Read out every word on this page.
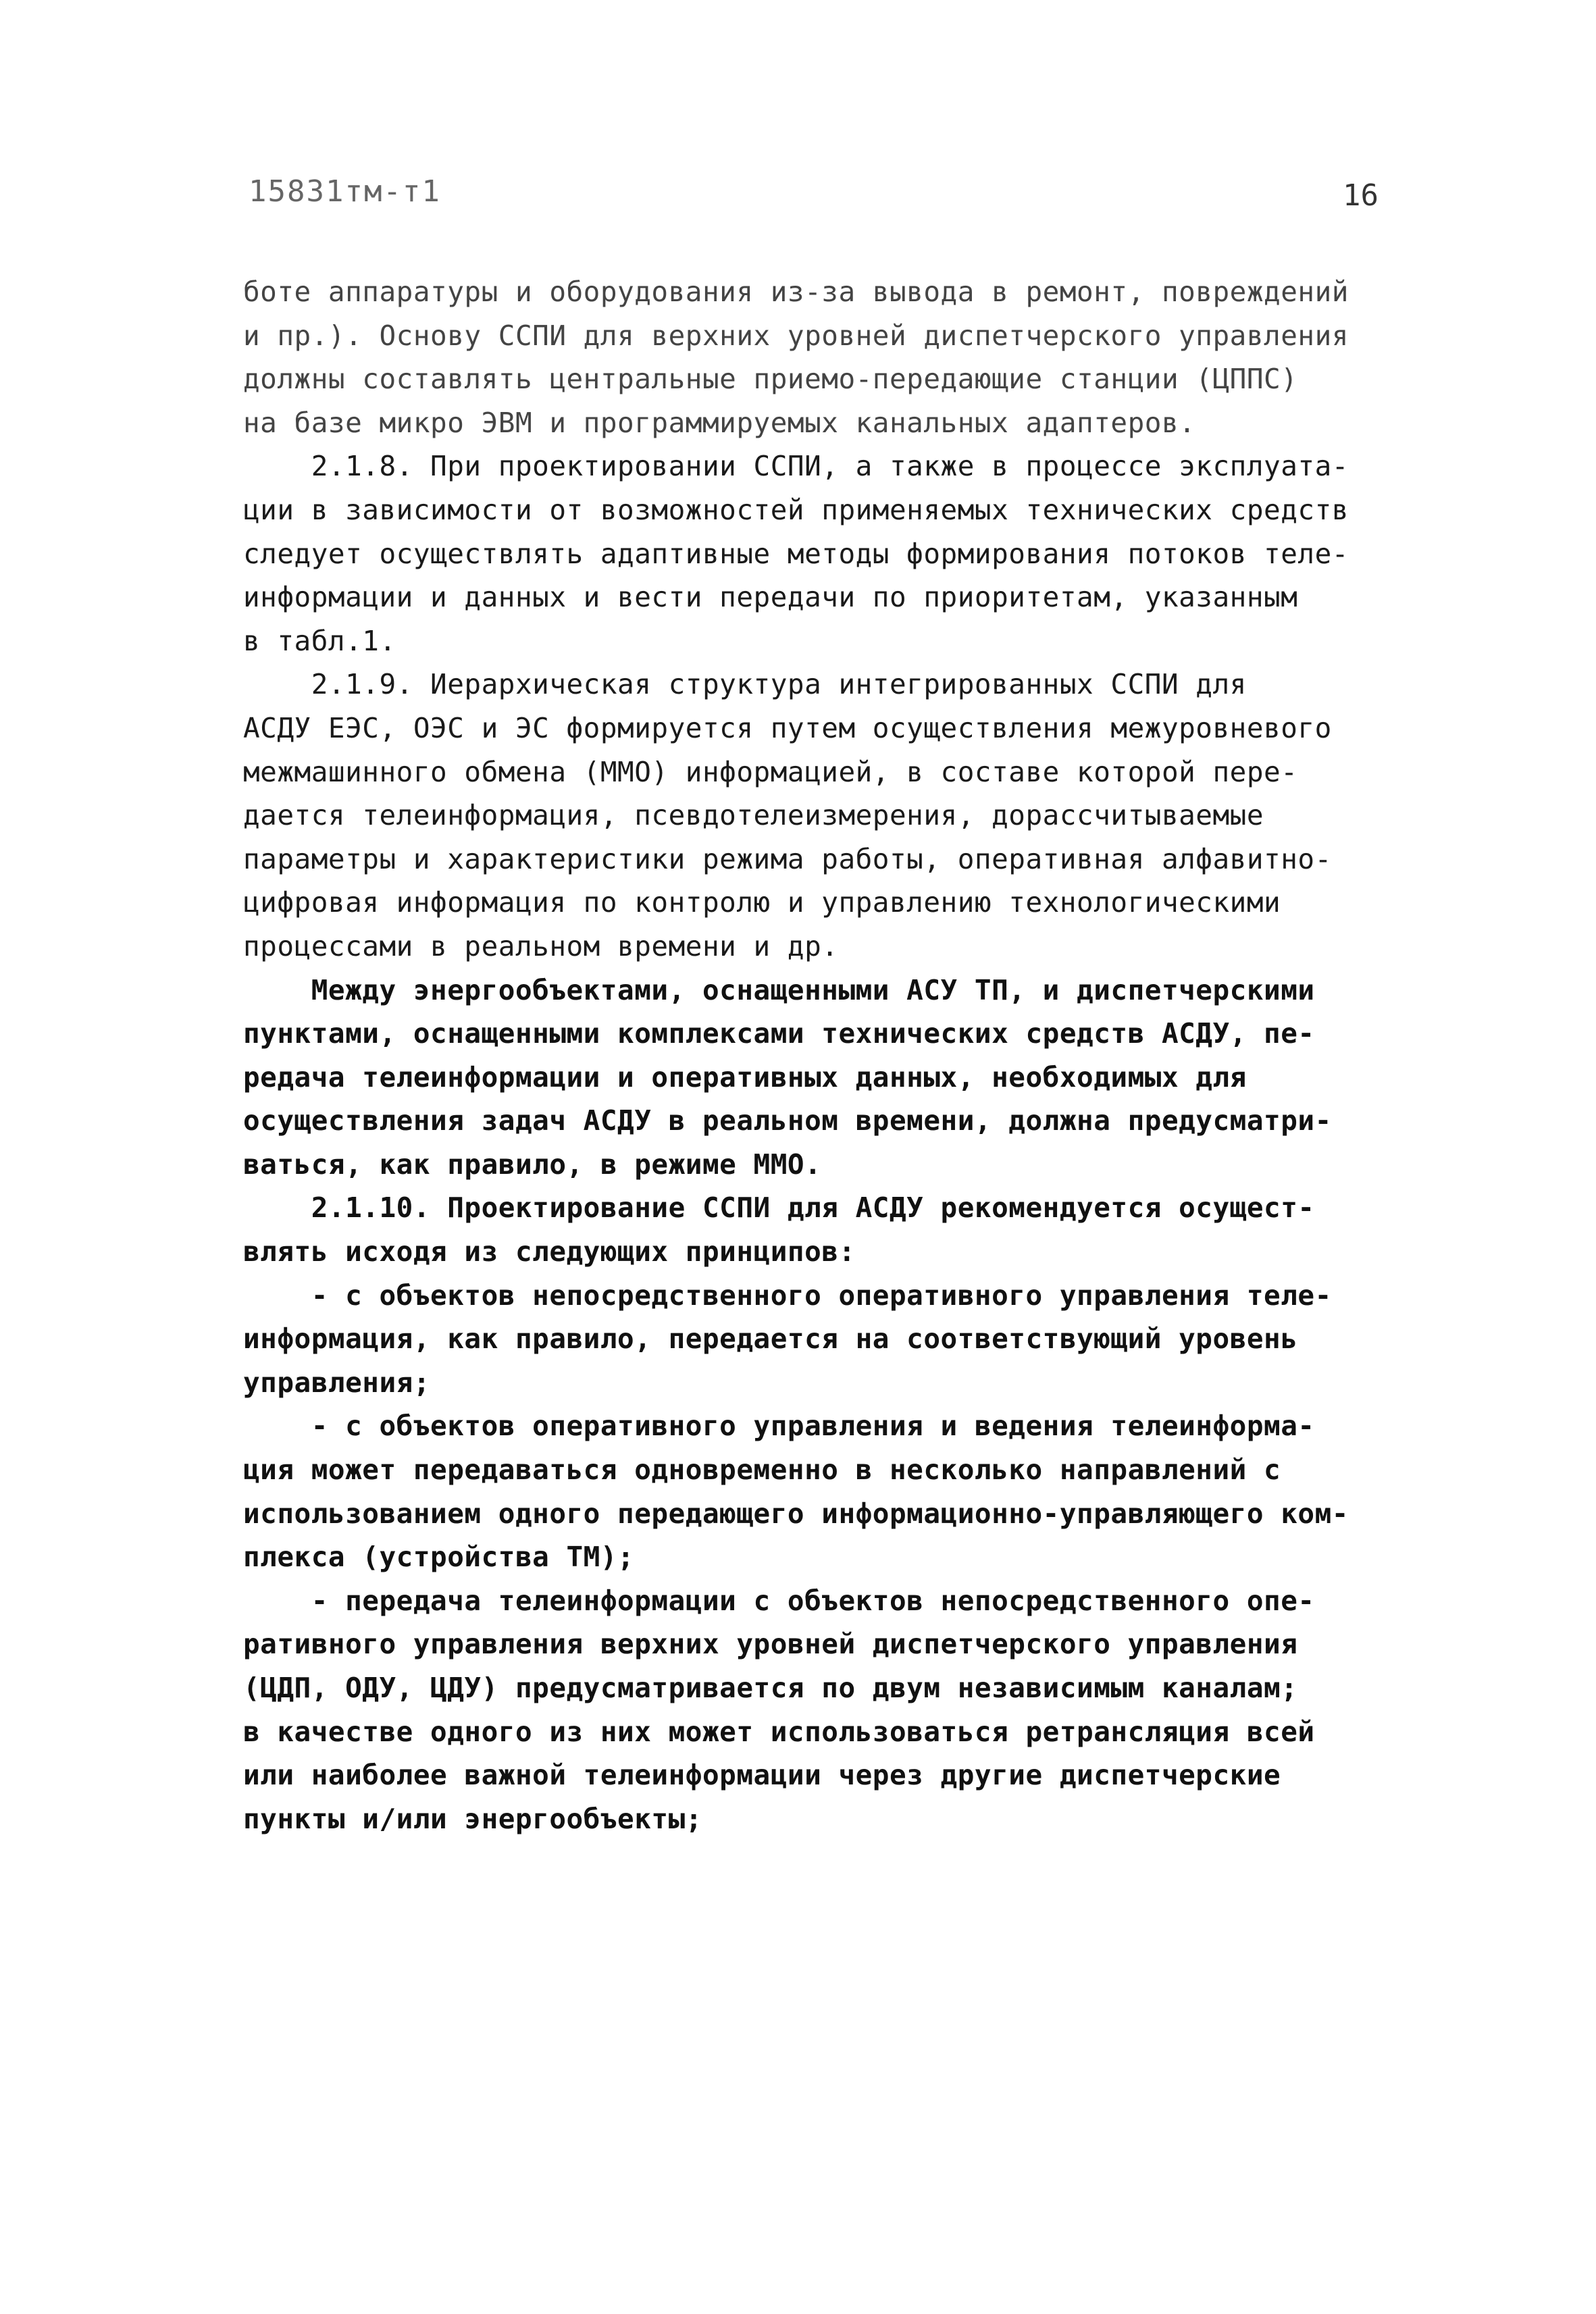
15831тм-т1	16
боте аппаратуры и оборудования из-за вывода в ремонт, повреждений
и пр.). Основу ССПИ для верхних уровней диспетчерского управления
должны составлять центральные приемо-передающие станции (ЦППС)
на базе микро ЭВМ и программируемых канальных адаптеров.
2.1.8. При проектировании ССПИ, а также в процессе эксплуата-
ции в зависимости от возможностей применяемых технических средств
следует осуществлять адаптивные методы формирования потоков теле-
информации и данных и вести передачи по приоритетам, указанным
в табл.1.
2.1.9. Иерархическая структура интегрированных ССПИ для
АСДУ ЕЭС, ОЭС и ЭС формируется путем осуществления межуровневого
межмашинного обмена (ММО) информацией, в составе которой пере-
дается телеинформация, псевдотелеизмерения, дорассчитываемые
параметры и характеристики режима работы, оперативная алфавитно-
цифровая информация по контролю и управлению технологическими
процессами в реальном времени и др.
Между энергообъектами, оснащенными АСУ ТП, и диспетчерскими
пунктами, оснащенными комплексами технических средств АСДУ, пе-
редача телеинформации и оперативных данных, необходимых для
осуществления задач АСДУ в реальном времени, должна предусматри-
ваться, как правило, в режиме ММО.
2.1.10. Проектирование ССПИ для АСДУ рекомендуется осущест-
влять исходя из следующих принципов:
- с объектов непосредственного оперативного управления теле-
информация, как правило, передается на соответствующий уровень
управления;
- с объектов оперативного управления и ведения телеинформа-
ция может передаваться одновременно в несколько направлений с
использованием одного передающего информационно-управляющего ком-
плекса (устройства ТМ);
- передача телеинформации с объектов непосредственного опе-
ративного управления верхних уровней диспетчерского управления
(ЦДП, ОДУ, ЦДУ) предусматривается по двум независимым каналам;
в качестве одного из них может использоваться ретрансляция всей
или наиболее важной телеинформации через другие диспетчерские
пункты и/или энергообъекты;
